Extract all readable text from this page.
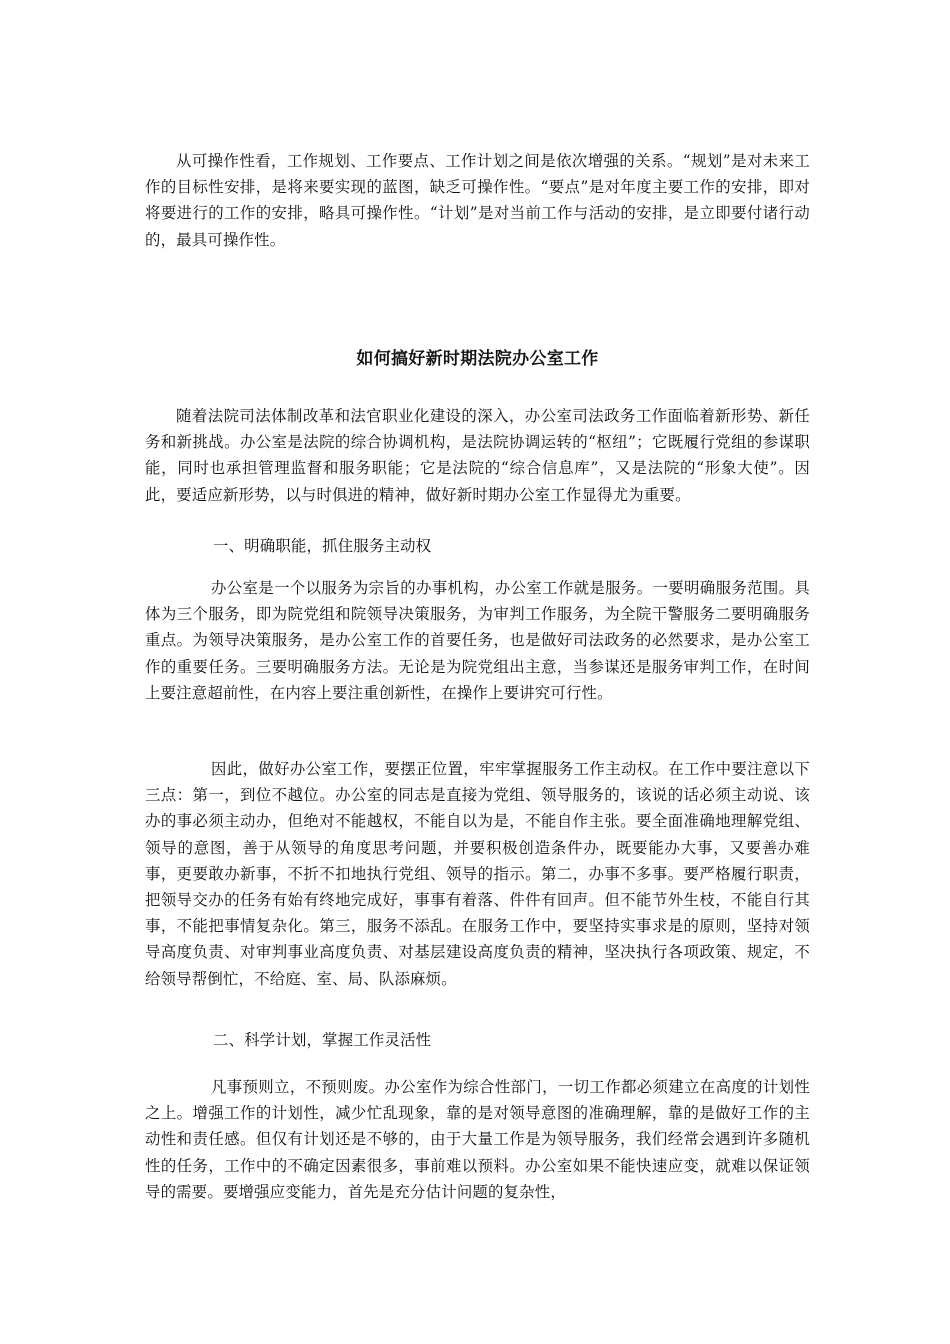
从可操作性看，工作规划、工作要点、工作计划之间是依次增强的关系。“规划”是对未来工作的目标性安排，是将来要实现的蓝图，缺乏可操作性。“要点”是对年度主要工作的安排，即对将要进行的工作的安排，略具可操作性。“计划”是对当前工作与活动的安排，是立即要付诸行动的，最具可操作性。

如何搞好新时期法院办公室工作

随着法院司法体制改革和法官职业化建设的深入，办公室司法政务工作面临着新形势、新任务和新挑战。办公室是法院的综合协调机构，是法院协调运转的“枢纽”；它既履行党组的参谋职能，同时也承担管理监督和服务职能；它是法院的“综合信息库”，又是法院的“形象大使”。因此，要适应新形势，以与时俱进的精神，做好新时期办公室工作显得尤为重要。

一、明确职能，抓住服务主动权

办公室是一个以服务为宗旨的办事机构，办公室工作就是服务。一要明确服务范围。具体为三个服务，即为院党组和院领导决策服务，为审判工作服务，为全院干警服务二要明确服务重点。为领导决策服务，是办公室工作的首要任务，也是做好司法政务的必然要求，是办公室工作的重要任务。三要明确服务方法。无论是为院党组出主意，当参谋还是服务审判工作，在时间上要注意超前性，在内容上要注重创新性，在操作上要讲究可行性。

因此，做好办公室工作，要摆正位置，牢牢掌握服务工作主动权。在工作中要注意以下三点：第一，到位不越位。办公室的同志是直接为党组、领导服务的，该说的话必须主动说、该办的事必须主动办，但绝对不能越权，不能自以为是，不能自作主张。要全面准确地理解党组、领导的意图，善于从领导的角度思考问题，并要积极创造条件办，既要能办大事，又要善办难事，更要敢办新事，不折不扣地执行党组、领导的指示。第二，办事不多事。要严格履行职责，把领导交办的任务有始有终地完成好，事事有着落、件件有回声。但不能节外生枝，不能自行其事，不能把事情复杂化。第三，服务不添乱。在服务工作中，要坚持实事求是的原则，坚持对领导高度负责、对审判事业高度负责、对基层建设高度负责的精神，坚决执行各项政策、规定，不给领导帮倒忙，不给庭、室、局、队添麻烦。

二、科学计划，掌握工作灵活性

凡事预则立，不预则废。办公室作为综合性部门，一切工作都必须建立在高度的计划性之上。增强工作的计划性，减少忙乱现象，靠的是对领导意图的准确理解，靠的是做好工作的主动性和责任感。但仅有计划还是不够的，由于大量工作是为领导服务，我们经常会遇到许多随机性的任务，工作中的不确定因素很多，事前难以预料。办公室如果不能快速应变，就难以保证领导的需要。要增强应变能力，首先是充分估计问题的复杂性，
